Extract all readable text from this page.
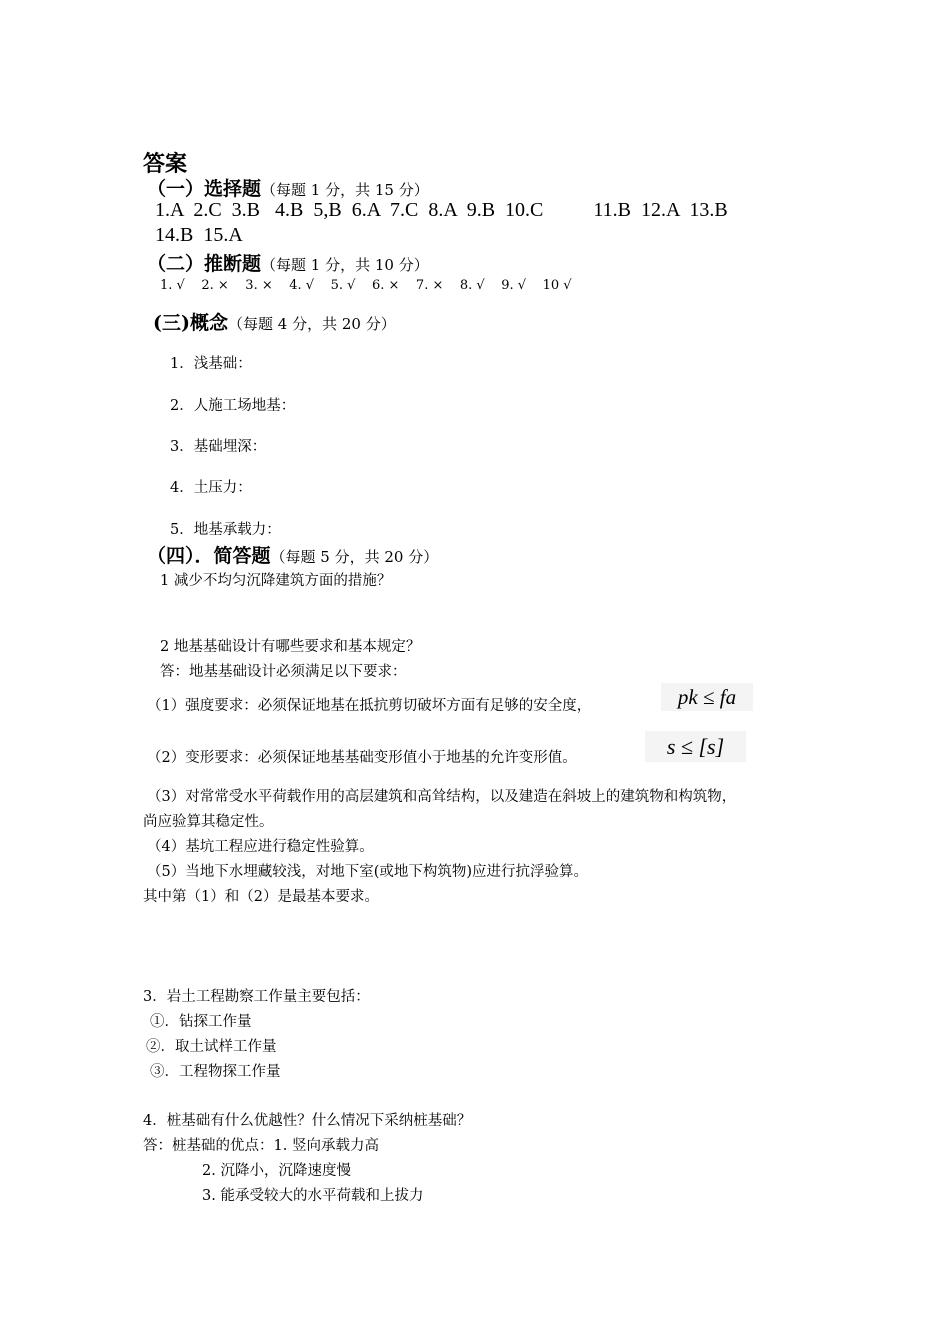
答案
（一）选择题（每题 1 分，共 15 分）
1.A  2.C  3.B   4.B  5,B  6.A  7.C  8.A  9.B  10.C          11.B  12.A  13.B
14.B  15.A
（二）推断题（每题 1 分，共 10 分）
1. √    2. ×    3. ×    4. √    5. √    6. ×    7. ×    8. √    9. √    10 √
(三)概念（每题 4 分，共 20 分）
1．浅基础：
2．人施工场地基：
3．基础埋深：
4．土压力：
5．地基承载力：
（四）．简答题（每题 5 分，共 20 分）
1 减少不均匀沉降建筑方面的措施？
2 地基基础设计有哪些要求和基本规定？
答：地基基础设计必须满足以下要求：
（1）强度要求：必须保证地基在抵抗剪切破坏方面有足够的安全度，	pk ≤ fa
（2）变形要求：必须保证地基基础变形值小于地基的允许变形值。	s ≤ [s]
（3）对常常受水平荷载作用的高层建筑和高耸结构，以及建造在斜坡上的建筑物和构筑物，
尚应验算其稳定性。
（4）基坑工程应进行稳定性验算。
（5）当地下水埋藏较浅，对地下室(或地下构筑物)应进行抗浮验算。
其中第（1）和（2）是最基本要求。
3．岩土工程勘察工作量主要包括：
①．钻探工作量
②．取土试样工作量
③．工程物探工作量
4．桩基础有什么优越性？什么情况下采纳桩基础？
答：桩基础的优点：1. 竖向承载力高
2. 沉降小，沉降速度慢
3. 能承受较大的水平荷载和上拔力
